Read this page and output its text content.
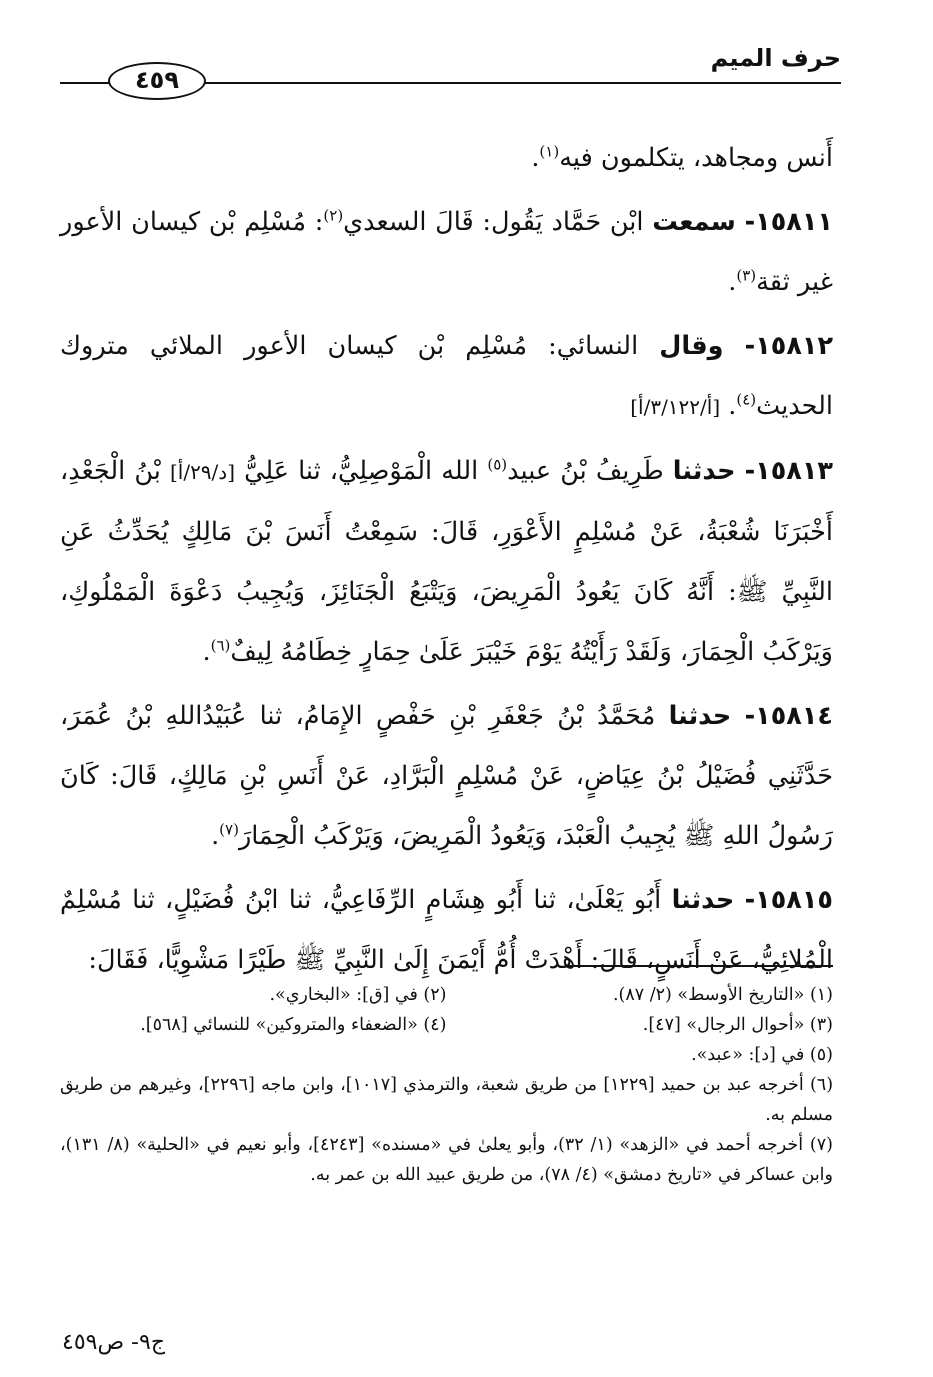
حرف الميم
٤٥٩

أَنس ومجاهد، يتكلمون فيه$^{(١)}$.

١٥٨١١- سمعت ابْن حَمَّاد يَقُول: قَالَ السعدي$^{(٢)}$: مُسْلِم بْن كيسان الأعور غير ثقة$^{(٣)}$.

١٥٨١٢- وقال النسائي: مُسْلِم بْن كيسان الأعور الملائي متروك الحديث$^{(٤)}$. [أ/٣/١٢٢/أ]

١٥٨١٣- حدثنا طَرِيفُ بْنُ عبيد$^{(٥)}$ الله الْمَوْصِلِيُّ، ثنا عَلِيُّ [د/٢٩/أ] بْنُ الْجَعْدِ، أَخْبَرَنَا شُعْبَةُ، عَنْ مُسْلِمٍ الأَعْوَرِ، قَالَ: سَمِعْتُ أَنَسَ بْنَ مَالِكٍ يُحَدِّثُ عَنِ النَّبِيِّ ﷺ: أَنَّهُ كَانَ يَعُودُ الْمَرِيضَ، وَيَتْبَعُ الْجَنَائِزَ، وَيُجِيبُ دَعْوَةَ الْمَمْلُوكِ، وَيَرْكَبُ الْحِمَارَ، وَلَقَدْ رَأَيْتُهُ يَوْمَ خَيْبَرَ عَلَىٰ حِمَارٍ خِطَامُهُ لِيفٌ$^{(٦)}$.

١٥٨١٤- حدثنا مُحَمَّدُ بْنُ جَعْفَرِ بْنِ حَفْصٍ الإِمَامُ، ثنا عُبَيْدُاللهِ بْنُ عُمَرَ، حَدَّثَنِي فُضَيْلُ بْنُ عِيَاضٍ، عَنْ مُسْلِمٍ الْبَرَّادِ، عَنْ أَنَسِ بْنِ مَالِكٍ، قَالَ: كَانَ رَسُولُ اللهِ ﷺ يُجِيبُ الْعَبْدَ، وَيَعُودُ الْمَرِيضَ، وَيَرْكَبُ الْحِمَارَ$^{(٧)}$.

١٥٨١٥- حدثنا أَبُو يَعْلَىٰ، ثنا أَبُو هِشَامٍ الرِّفَاعِيُّ، ثنا ابْنُ فُضَيْلٍ، ثنا مُسْلِمٌ الْمُلائِيُّ، عَنْ أَنَسٍ، قَالَ: أَهْدَتْ أُمُّ أَيْمَنَ إِلَىٰ النَّبِيِّ ﷺ طَيْرًا مَشْوِيًّا، فَقَالَ:

(١) «التاريخ الأوسط» (٢/ ٨٧).
(٢) في [ق]: «البخاري».
(٣) «أحوال الرجال» [٤٧].
(٤) «الضعفاء والمتروكين» للنسائي [٥٦٨].
(٥) في [د]: «عبد».
(٦) أخرجه عبد بن حميد [١٢٢٩] من طريق شعبة، والترمذي [١٠١٧]، وابن ماجه [٢٢٩٦]، وغيرهم من طريق مسلم به.
(٧) أخرجه أحمد في «الزهد» (١/ ٣٢)، وأبو يعلىٰ في «مسنده» [٤٢٤٣]، وأبو نعيم في «الحلية» (٨/ ١٣١)، وابن عساكر في «تاريخ دمشق» (٤/ ٧٨)، من طريق عبيد الله بن عمر به.
ج٩- ص٤٥٩
